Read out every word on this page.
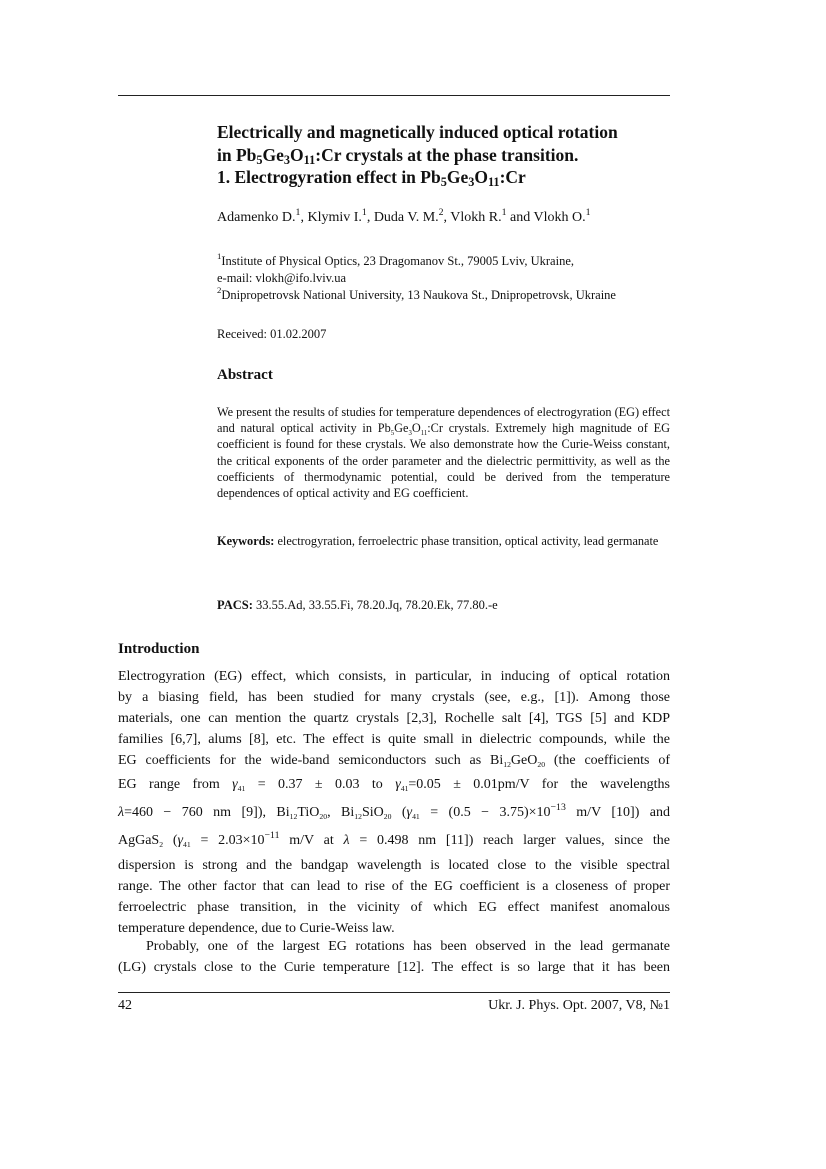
Electrically and magnetically induced optical rotation
in $Pb_5Ge_3O_{11}:Cr$ crystals at the phase transition.
1. Electrogyration effect in $Pb_5Ge_3O_{11}:Cr$
Adamenko D.$^1$, Klymiv I.$^1$, Duda V. M.$^2$, Vlokh R.$^1$ and Vlokh O.$^1$
$^1$Institute of Physical Optics, 23 Dragomanov St., 79005 Lviv, Ukraine,
e-mail: vlokh@ifo.lviv.ua
$^2$Dnipropetrovsk National University, 13 Naukova St., Dnipropetrovsk, Ukraine
Received: 01.02.2007
Abstract
We present the results of studies for temperature dependences of electrogyration (EG) effect and natural optical activity in $Pb_5Ge_3O_{11}:Cr$ crystals. Extremely high magnitude of EG coefficient is found for these crystals. We also demonstrate how the Curie-Weiss constant, the critical exponents of the order parameter and the dielectric permittivity, as well as the coefficients of thermodynamic potential, could be derived from the temperature dependences of optical activity and EG coefficient.
Keywords: electrogyration, ferroelectric phase transition, optical activity, lead germanate
PACS: 33.55.Ad, 33.55.Fi, 78.20.Jq, 78.20.Ek, 77.80.-e
Introduction
Electrogyration (EG) effect, which consists, in particular, in inducing of optical rotation
by a biasing field, has been studied for many crystals (see, e.g., [1]). Among those
materials, one can mention the quartz crystals [2,3], Rochelle salt [4], TGS [5] and KDP
families [6,7], alums [8], etc. The effect is quite small in dielectric compounds, while the
EG coefficients for the wide-band semiconductors such as $Bi_{12}GeO_{20}$ (the coefficients of
EG range from $\gamma_{41} = 0.37 \pm 0.03$ to $\gamma_{41}=0.05 \pm 0.01pm/V$ for the wavelengths
λ=460 − 760 nm [9]), $Bi_{12}TiO_{20}$, $Bi_{12}SiO_{20}$ ($\gamma_{41} = (0.5 - 3.75)\times 10^{-13}$ m/V [10]) and
AgGaS$_2$ ($\gamma_{41} = 2.03\times 10^{-11}$ m/V at λ = 0.498 nm [11]) reach larger values, since the
dispersion is strong and the bandgap wavelength is located close to the visible spectral
range. The other factor that can lead to rise of the EG coefficient is a closeness of proper
ferroelectric phase transition, in the vicinity of which EG effect manifest anomalous
temperature dependence, due to Curie-Weiss law.
Probably, one of the largest EG rotations has been observed in the lead germanate
(LG) crystals close to the Curie temperature [12]. The effect is so large that it has been
42	Ukr. J. Phys. Opt. 2007, V8, №1
